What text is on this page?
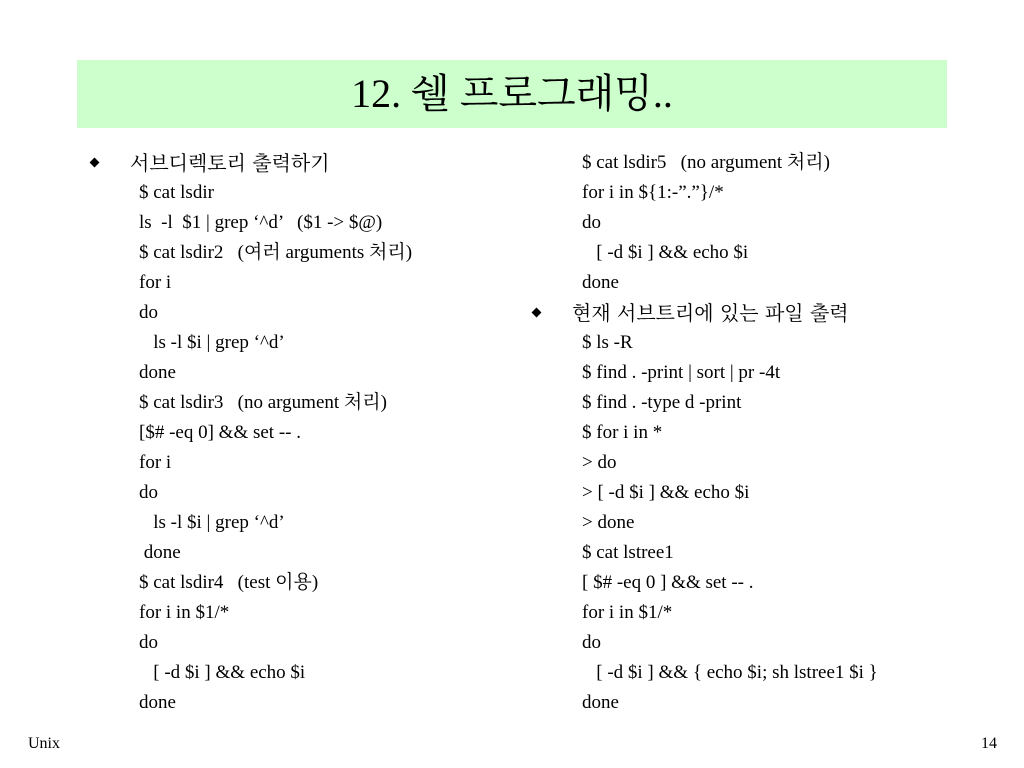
12. 쉘 프로그래밍..
서브디렉토리 출력하기
$ cat lsdir
ls  -l  $1 | grep ‘^d’   ($1 -> $@)
$ cat lsdir2   (여러 arguments 처리)
for i
do
ls -l $i | grep ‘^d’
done
$ cat lsdir3   (no argument 처리)
[$# -eq 0] && set -- .
for i
do
ls -l $i | grep ‘^d’
done
$ cat lsdir4   (test 이용)
for i in $1/*
do
[ -d $i ] && echo $i
done
$ cat lsdir5   (no argument 처리)
for i in ${1:-”.”}/*
do
[ -d $i ] && echo $i
done
현재 서브트리에 있는 파일 출력
$ ls -R
$ find . -print | sort | pr -4t
$ find . -type d -print
$ for i in *
> do
> [ -d $i ] && echo $i
> done
$ cat lstree1
[ $# -eq 0 ] && set -- .
for i in $1/*
do
[ -d $i ] && { echo $i; sh lstree1 $i }
done
Unix	14
